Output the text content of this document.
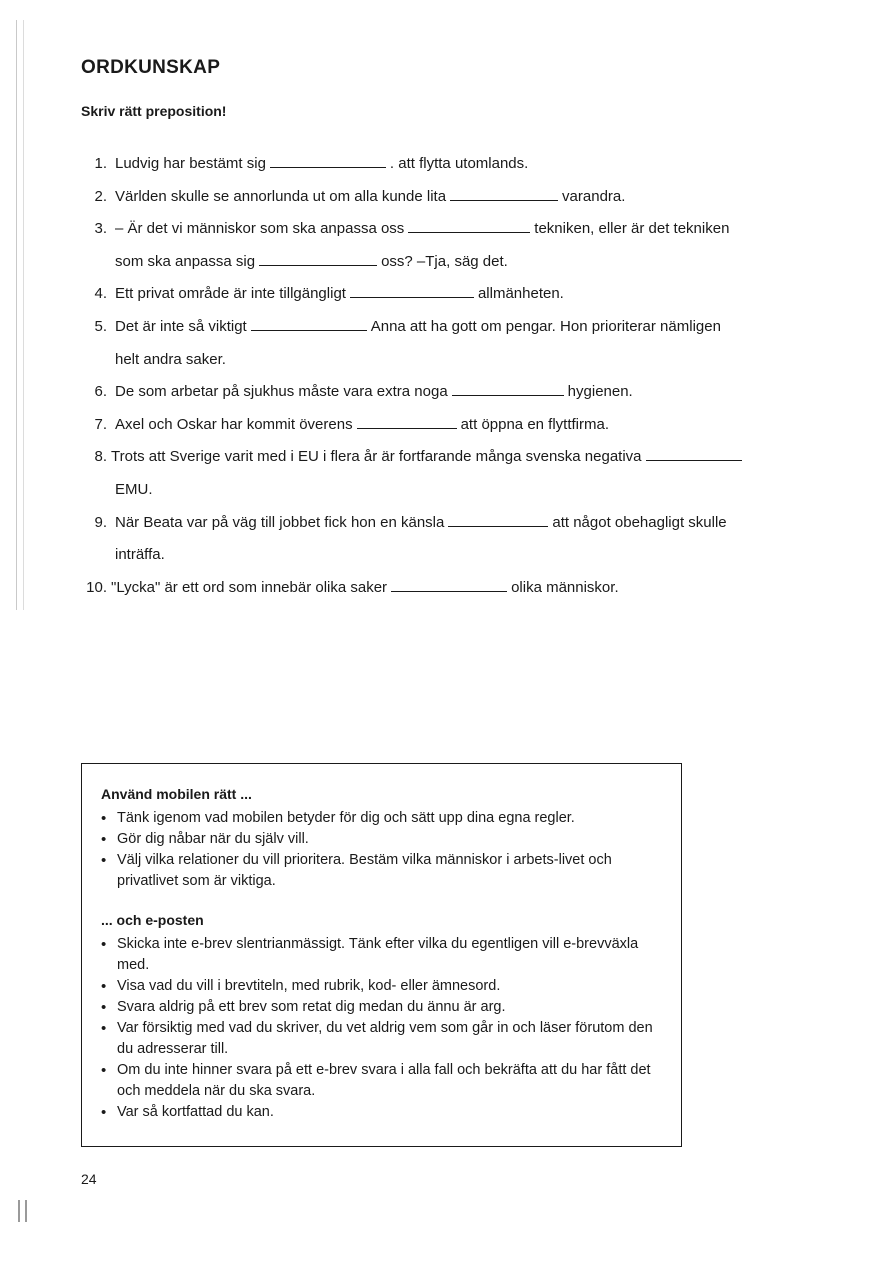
ORDKUNSKAP

Skriv rätt preposition!

1. Ludvig har bestämt sig	. att flytta utomlands.
2. Världen skulle se annorlunda ut om alla kunde lita	varandra.
3. – Är det vi människor som ska anpassa oss	tekniken, eller är det tekniken
som ska anpassa sig	oss? –Tja, säg det.
4. Ett privat område är inte tillgängligt	allmänheten.
5. Det är inte så viktigt	Anna att ha gott om pengar. Hon prioriterar nämligen
helt andra saker.
6. De som arbetar på sjukhus måste vara extra noga	hygienen.
7. Axel och Oskar har kommit överens	att öppna en flyttfirma.
8. Trots att Sverige varit med i EU i flera år är fortfarande många svenska negativa
EMU.
9. När Beata var på väg till jobbet fick hon en känsla	att något obehagligt skulle
inträffa.
10. "Lycka" är ett ord som innebär olika saker	olika människor.

Använd mobilen rätt ...

• Tänk igenom vad mobilen betyder för dig och sätt upp dina egna regler.
• Gör dig nåbar när du själv vill.
• Välj vilka relationer du vill prioritera. Bestäm vilka människor i arbets-livet och privatlivet som är viktiga.

... och e-posten

• Skicka inte e-brev slentrianmässigt. Tänk efter vilka du egentligen vill e-brevväxla med.
• Visa vad du vill i brevtiteln, med rubrik, kod- eller ämnesord.
• Svara aldrig på ett brev som retat dig medan du ännu är arg.
• Var försiktig med vad du skriver, du vet aldrig vem som går in och läser förutom den du adresserar till.
• Om du inte hinner svara på ett e-brev svara i alla fall och bekräfta att du har fått det och meddela när du ska svara.
• Var så kortfattad du kan.
24
